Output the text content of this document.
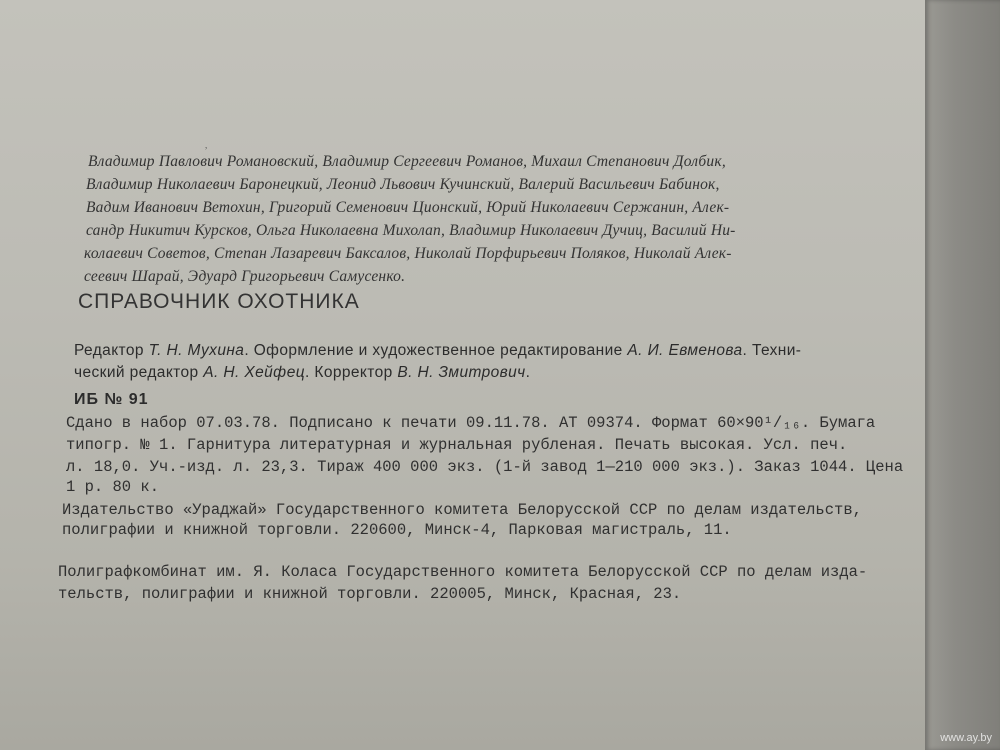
,

Владимир Павлович Романовский, Владимир Сергеевич Романов, Михаил Степанович Долбик,

Владимир Николаевич Баронецкий, Леонид Львович Кучинский, Валерий Васильевич Бабинок,

Вадим Иванович Ветохин, Григорий Семенович Ционский, Юрий Николаевич Сержанин, Алек-

сандр Никитич Курсков, Ольга Николаевна Михолап, Владимир Николаевич Дучиц, Василий Ни-

колаевич Советов, Степан Лазаревич Баксалов, Николай Порфирьевич Поляков, Николай Алек-

сеевич Шарай, Эдуард Григорьевич Самусенко.

СПРАВОЧНИК ОХОТНИКА

Редактор Т. Н. Мухина. Оформление и художественное редактирование А. И. Евменова. Техни-

ческий редактор А. Н. Хейфец. Корректор В. Н. Змитрович.

ИБ № 91

Сдано в набор 07.03.78. Подписано к печати 09.11.78. АТ 09374. Формат 60×90¹/₁₆. Бумага

типогр. № 1. Гарнитура литературная и журнальная рубленая. Печать высокая. Усл. печ.

л. 18,0. Уч.-изд. л. 23,3. Тираж 400 000 экз. (1-й завод 1—210 000 экз.). Заказ 1044. Цена

1 р. 80 к.

Издательство «Ураджай» Государственного комитета Белорусской ССР по делам издательств,

полиграфии и книжной торговли. 220600, Минск-4, Парковая магистраль, 11.

Полиграфкомбинат им. Я. Коласа Государственного комитета Белорусской ССР по делам изда-

тельств, полиграфии и книжной торговли. 220005, Минск, Красная, 23.

www.ay.by
